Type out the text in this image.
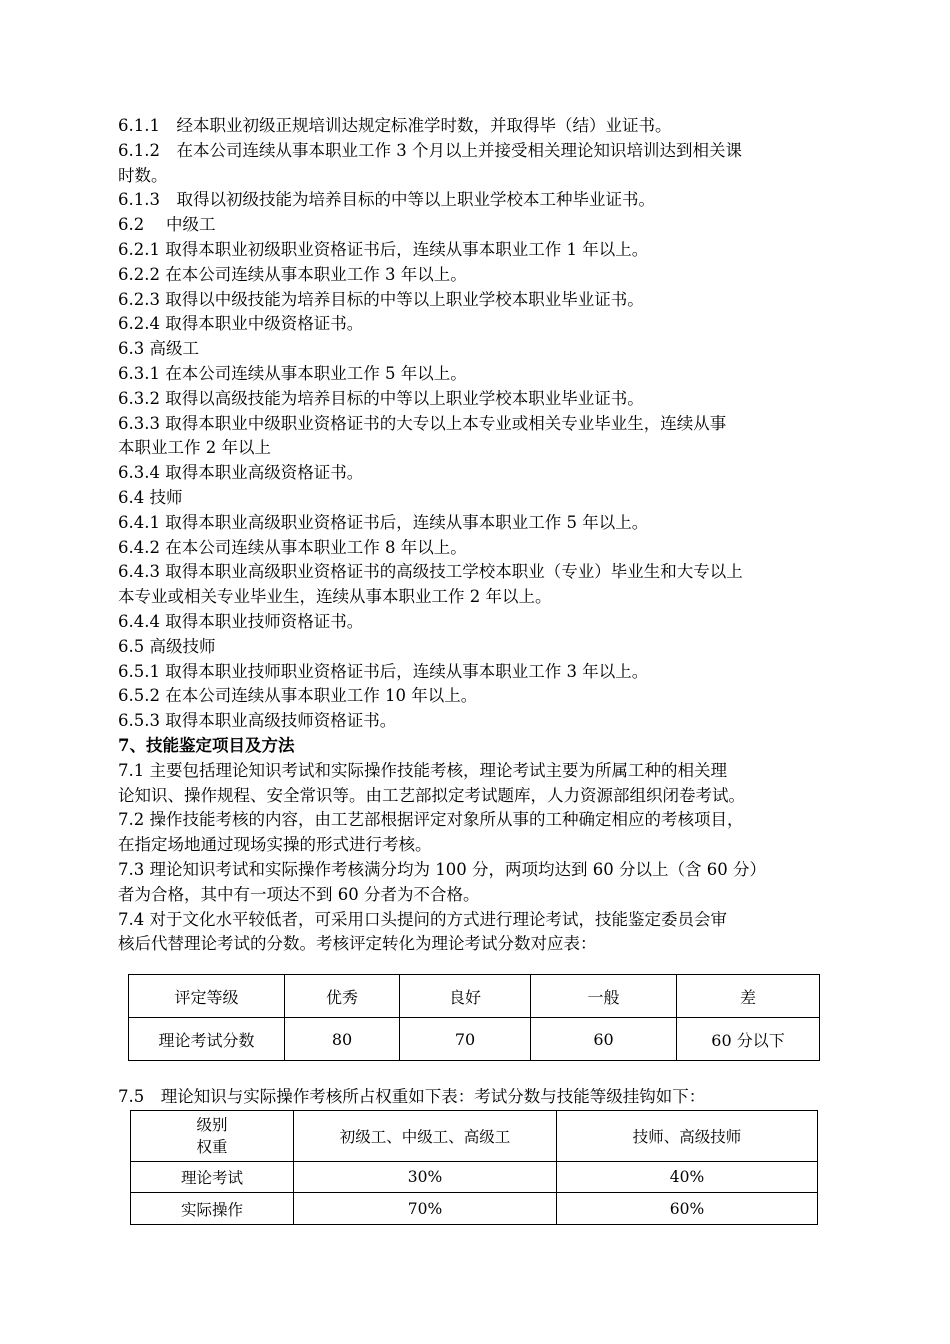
6.1.1　经本职业初级正规培训达规定标准学时数，并取得毕（结）业证书。
6.1.2　在本公司连续从事本职业工作 3 个月以上并接受相关理论知识培训达到相关课
时数。
6.1.3　取得以初级技能为培养目标的中等以上职业学校本工种毕业证书。
6.2　 中级工
6.2.1 取得本职业初级职业资格证书后，连续从事本职业工作 1 年以上。
6.2.2 在本公司连续从事本职业工作 3 年以上。
6.2.3 取得以中级技能为培养目标的中等以上职业学校本职业毕业证书。
6.2.4 取得本职业中级资格证书。
6.3 高级工
6.3.1 在本公司连续从事本职业工作 5 年以上。
6.3.2 取得以高级技能为培养目标的中等以上职业学校本职业毕业证书。
6.3.3 取得本职业中级职业资格证书的大专以上本专业或相关专业毕业生，连续从事
本职业工作 2 年以上
6.3.4 取得本职业高级资格证书。
6.4 技师
6.4.1 取得本职业高级职业资格证书后，连续从事本职业工作 5 年以上。
6.4.2 在本公司连续从事本职业工作 8 年以上。
6.4.3 取得本职业高级职业资格证书的高级技工学校本职业（专业）毕业生和大专以上
本专业或相关专业毕业生，连续从事本职业工作 2 年以上。
6.4.4 取得本职业技师资格证书。
6.5 高级技师
6.5.1 取得本职业技师职业资格证书后，连续从事本职业工作 3 年以上。
6.5.2 在本公司连续从事本职业工作 10 年以上。
6.5.3 取得本职业高级技师资格证书。
7、技能鉴定项目及方法
7.1 主要包括理论知识考试和实际操作技能考核，理论考试主要为所属工种的相关理
论知识、操作规程、安全常识等。由工艺部拟定考试题库，人力资源部组织闭卷考试。
7.2 操作技能考核的内容，由工艺部根据评定对象所从事的工种确定相应的考核项目，
在指定场地通过现场实操的形式进行考核。
7.3 理论知识考试和实际操作考核满分均为 100 分，两项均达到 60 分以上（含 60 分）
者为合格，其中有一项达不到 60 分者为不合格。
7.4 对于文化水平较低者，可采用口头提问的方式进行理论考试，技能鉴定委员会审
核后代替理论考试的分数。考核评定转化为理论考试分数对应表：
评定等级	优秀	良好	一般	差
理论考试分数	80	70	60	60 分以下
7.5　理论知识与实际操作考核所占权重如下表：考试分数与技能等级挂钩如下：
级别
权重	初级工、中级工、高级工	技师、高级技师
理论考试	30%	40%
实际操作	70%	60%
